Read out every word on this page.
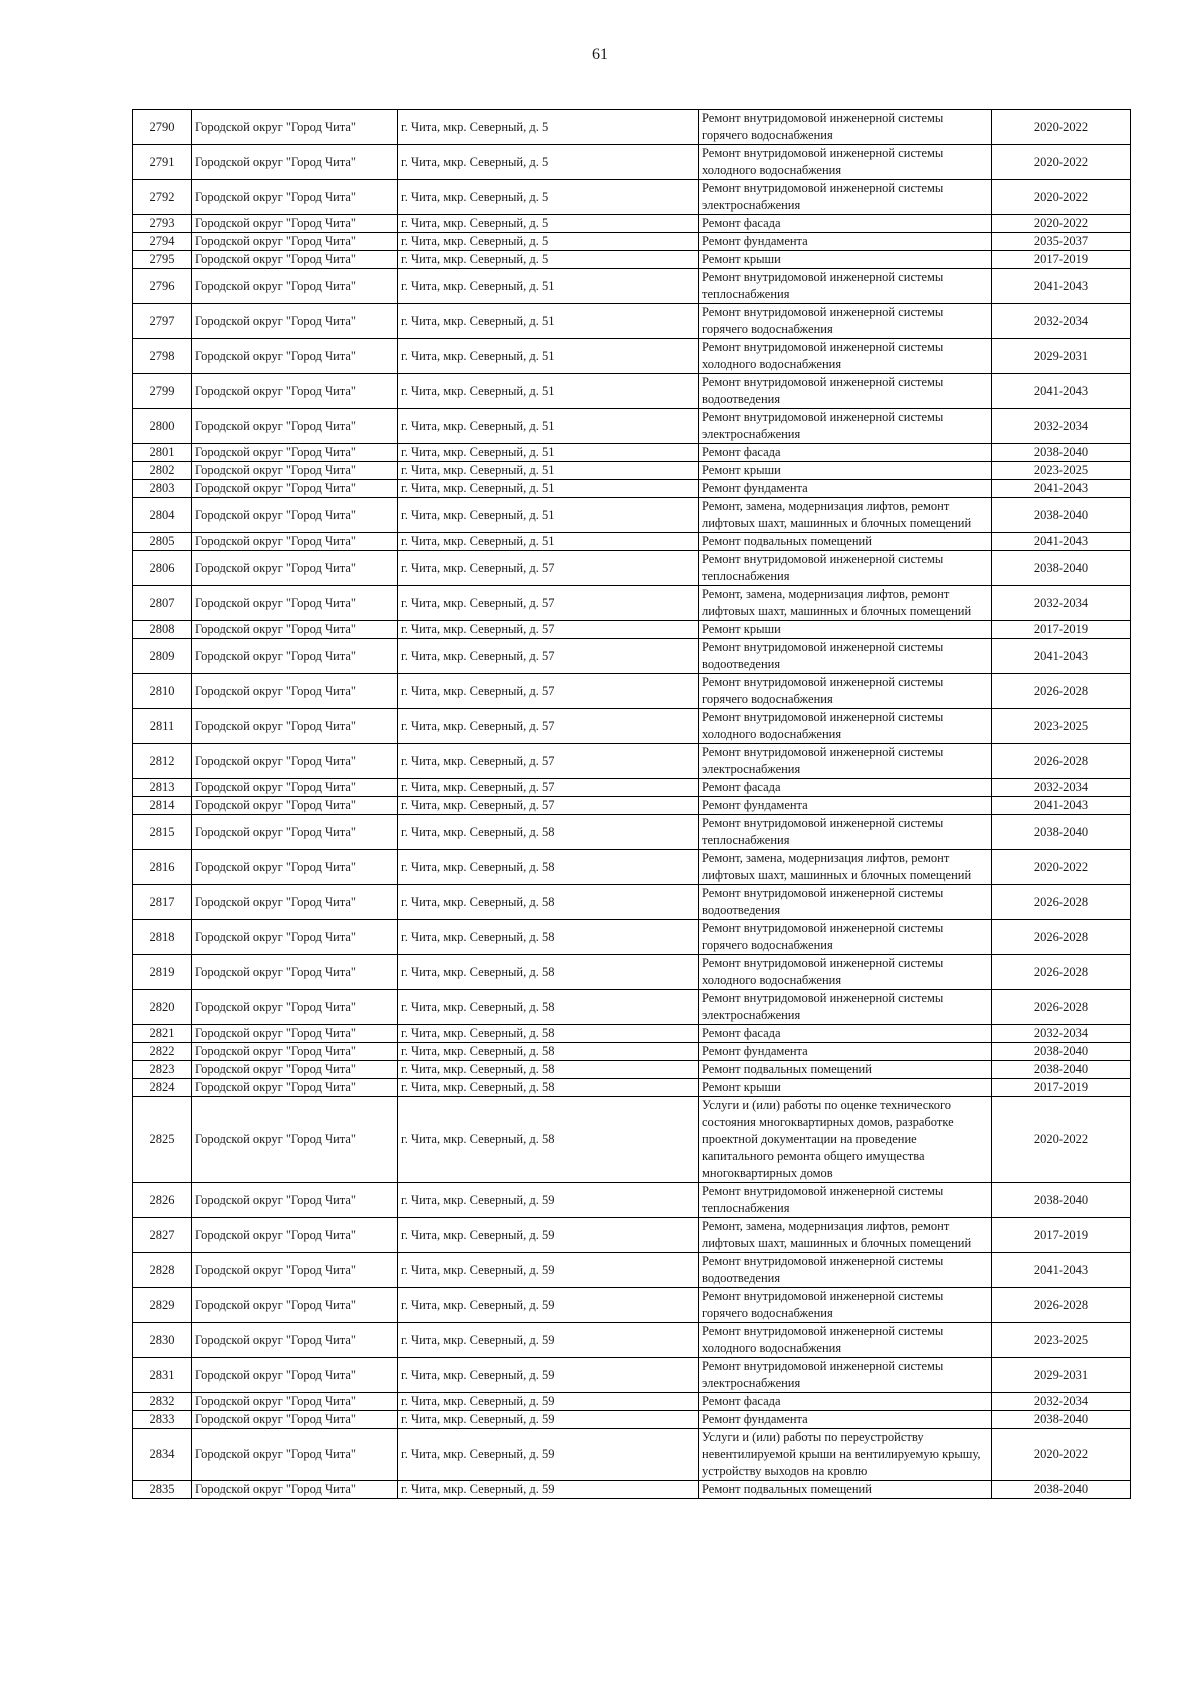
61
2790	Городской округ "Город Чита"	г. Чита, мкр. Северный, д. 5	Ремонт внутридомовой инженерной системы горячего водоснабжения	2020-2022
2791	Городской округ "Город Чита"	г. Чита, мкр. Северный, д. 5	Ремонт внутридомовой инженерной системы холодного водоснабжения	2020-2022
2792	Городской округ "Город Чита"	г. Чита, мкр. Северный, д. 5	Ремонт внутридомовой инженерной системы электроснабжения	2020-2022
2793	Городской округ "Город Чита"	г. Чита, мкр. Северный, д. 5	Ремонт фасада	2020-2022
2794	Городской округ "Город Чита"	г. Чита, мкр. Северный, д. 5	Ремонт фундамента	2035-2037
2795	Городской округ "Город Чита"	г. Чита, мкр. Северный, д. 5	Ремонт крыши	2017-2019
2796	Городской округ "Город Чита"	г. Чита, мкр. Северный, д. 51	Ремонт внутридомовой инженерной системы теплоснабжения	2041-2043
2797	Городской округ "Город Чита"	г. Чита, мкр. Северный, д. 51	Ремонт внутридомовой инженерной системы горячего водоснабжения	2032-2034
2798	Городской округ "Город Чита"	г. Чита, мкр. Северный, д. 51	Ремонт внутридомовой инженерной системы холодного водоснабжения	2029-2031
2799	Городской округ "Город Чита"	г. Чита, мкр. Северный, д. 51	Ремонт внутридомовой инженерной системы водоотведения	2041-2043
2800	Городской округ "Город Чита"	г. Чита, мкр. Северный, д. 51	Ремонт внутридомовой инженерной системы электроснабжения	2032-2034
2801	Городской округ "Город Чита"	г. Чита, мкр. Северный, д. 51	Ремонт фасада	2038-2040
2802	Городской округ "Город Чита"	г. Чита, мкр. Северный, д. 51	Ремонт крыши	2023-2025
2803	Городской округ "Город Чита"	г. Чита, мкр. Северный, д. 51	Ремонт фундамента	2041-2043
2804	Городской округ "Город Чита"	г. Чита, мкр. Северный, д. 51	Ремонт, замена, модернизация лифтов, ремонт лифтовых шахт, машинных и блочных помещений	2038-2040
2805	Городской округ "Город Чита"	г. Чита, мкр. Северный, д. 51	Ремонт подвальных помещений	2041-2043
2806	Городской округ "Город Чита"	г. Чита, мкр. Северный, д. 57	Ремонт внутридомовой инженерной системы теплоснабжения	2038-2040
2807	Городской округ "Город Чита"	г. Чита, мкр. Северный, д. 57	Ремонт, замена, модернизация лифтов, ремонт лифтовых шахт, машинных и блочных помещений	2032-2034
2808	Городской округ "Город Чита"	г. Чита, мкр. Северный, д. 57	Ремонт крыши	2017-2019
2809	Городской округ "Город Чита"	г. Чита, мкр. Северный, д. 57	Ремонт внутридомовой инженерной системы водоотведения	2041-2043
2810	Городской округ "Город Чита"	г. Чита, мкр. Северный, д. 57	Ремонт внутридомовой инженерной системы горячего водоснабжения	2026-2028
2811	Городской округ "Город Чита"	г. Чита, мкр. Северный, д. 57	Ремонт внутридомовой инженерной системы холодного водоснабжения	2023-2025
2812	Городской округ "Город Чита"	г. Чита, мкр. Северный, д. 57	Ремонт внутридомовой инженерной системы электроснабжения	2026-2028
2813	Городской округ "Город Чита"	г. Чита, мкр. Северный, д. 57	Ремонт фасада	2032-2034
2814	Городской округ "Город Чита"	г. Чита, мкр. Северный, д. 57	Ремонт фундамента	2041-2043
2815	Городской округ "Город Чита"	г. Чита, мкр. Северный, д. 58	Ремонт внутридомовой инженерной системы теплоснабжения	2038-2040
2816	Городской округ "Город Чита"	г. Чита, мкр. Северный, д. 58	Ремонт, замена, модернизация лифтов, ремонт лифтовых шахт, машинных и блочных помещений	2020-2022
2817	Городской округ "Город Чита"	г. Чита, мкр. Северный, д. 58	Ремонт внутридомовой инженерной системы водоотведения	2026-2028
2818	Городской округ "Город Чита"	г. Чита, мкр. Северный, д. 58	Ремонт внутридомовой инженерной системы горячего водоснабжения	2026-2028
2819	Городской округ "Город Чита"	г. Чита, мкр. Северный, д. 58	Ремонт внутридомовой инженерной системы холодного водоснабжения	2026-2028
2820	Городской округ "Город Чита"	г. Чита, мкр. Северный, д. 58	Ремонт внутридомовой инженерной системы электроснабжения	2026-2028
2821	Городской округ "Город Чита"	г. Чита, мкр. Северный, д. 58	Ремонт фасада	2032-2034
2822	Городской округ "Город Чита"	г. Чита, мкр. Северный, д. 58	Ремонт фундамента	2038-2040
2823	Городской округ "Город Чита"	г. Чита, мкр. Северный, д. 58	Ремонт подвальных помещений	2038-2040
2824	Городской округ "Город Чита"	г. Чита, мкр. Северный, д. 58	Ремонт крыши	2017-2019
2825	Городской округ "Город Чита"	г. Чита, мкр. Северный, д. 58	Услуги и (или) работы по оценке технического состояния многоквартирных домов, разработке проектной документации на проведение капитального ремонта общего имущества многоквартирных домов	2020-2022
2826	Городской округ "Город Чита"	г. Чита, мкр. Северный, д. 59	Ремонт внутридомовой инженерной системы теплоснабжения	2038-2040
2827	Городской округ "Город Чита"	г. Чита, мкр. Северный, д. 59	Ремонт, замена, модернизация лифтов, ремонт лифтовых шахт, машинных и блочных помещений	2017-2019
2828	Городской округ "Город Чита"	г. Чита, мкр. Северный, д. 59	Ремонт внутридомовой инженерной системы водоотведения	2041-2043
2829	Городской округ "Город Чита"	г. Чита, мкр. Северный, д. 59	Ремонт внутридомовой инженерной системы горячего водоснабжения	2026-2028
2830	Городской округ "Город Чита"	г. Чита, мкр. Северный, д. 59	Ремонт внутридомовой инженерной системы холодного водоснабжения	2023-2025
2831	Городской округ "Город Чита"	г. Чита, мкр. Северный, д. 59	Ремонт внутридомовой инженерной системы электроснабжения	2029-2031
2832	Городской округ "Город Чита"	г. Чита, мкр. Северный, д. 59	Ремонт фасада	2032-2034
2833	Городской округ "Город Чита"	г. Чита, мкр. Северный, д. 59	Ремонт фундамента	2038-2040
2834	Городской округ "Город Чита"	г. Чита, мкр. Северный, д. 59	Услуги и (или) работы по переустройству невентилируемой крыши на вентилируемую крышу, устройству выходов на кровлю	2020-2022
2835	Городской округ "Город Чита"	г. Чита, мкр. Северный, д. 59	Ремонт подвальных помещений	2038-2040
